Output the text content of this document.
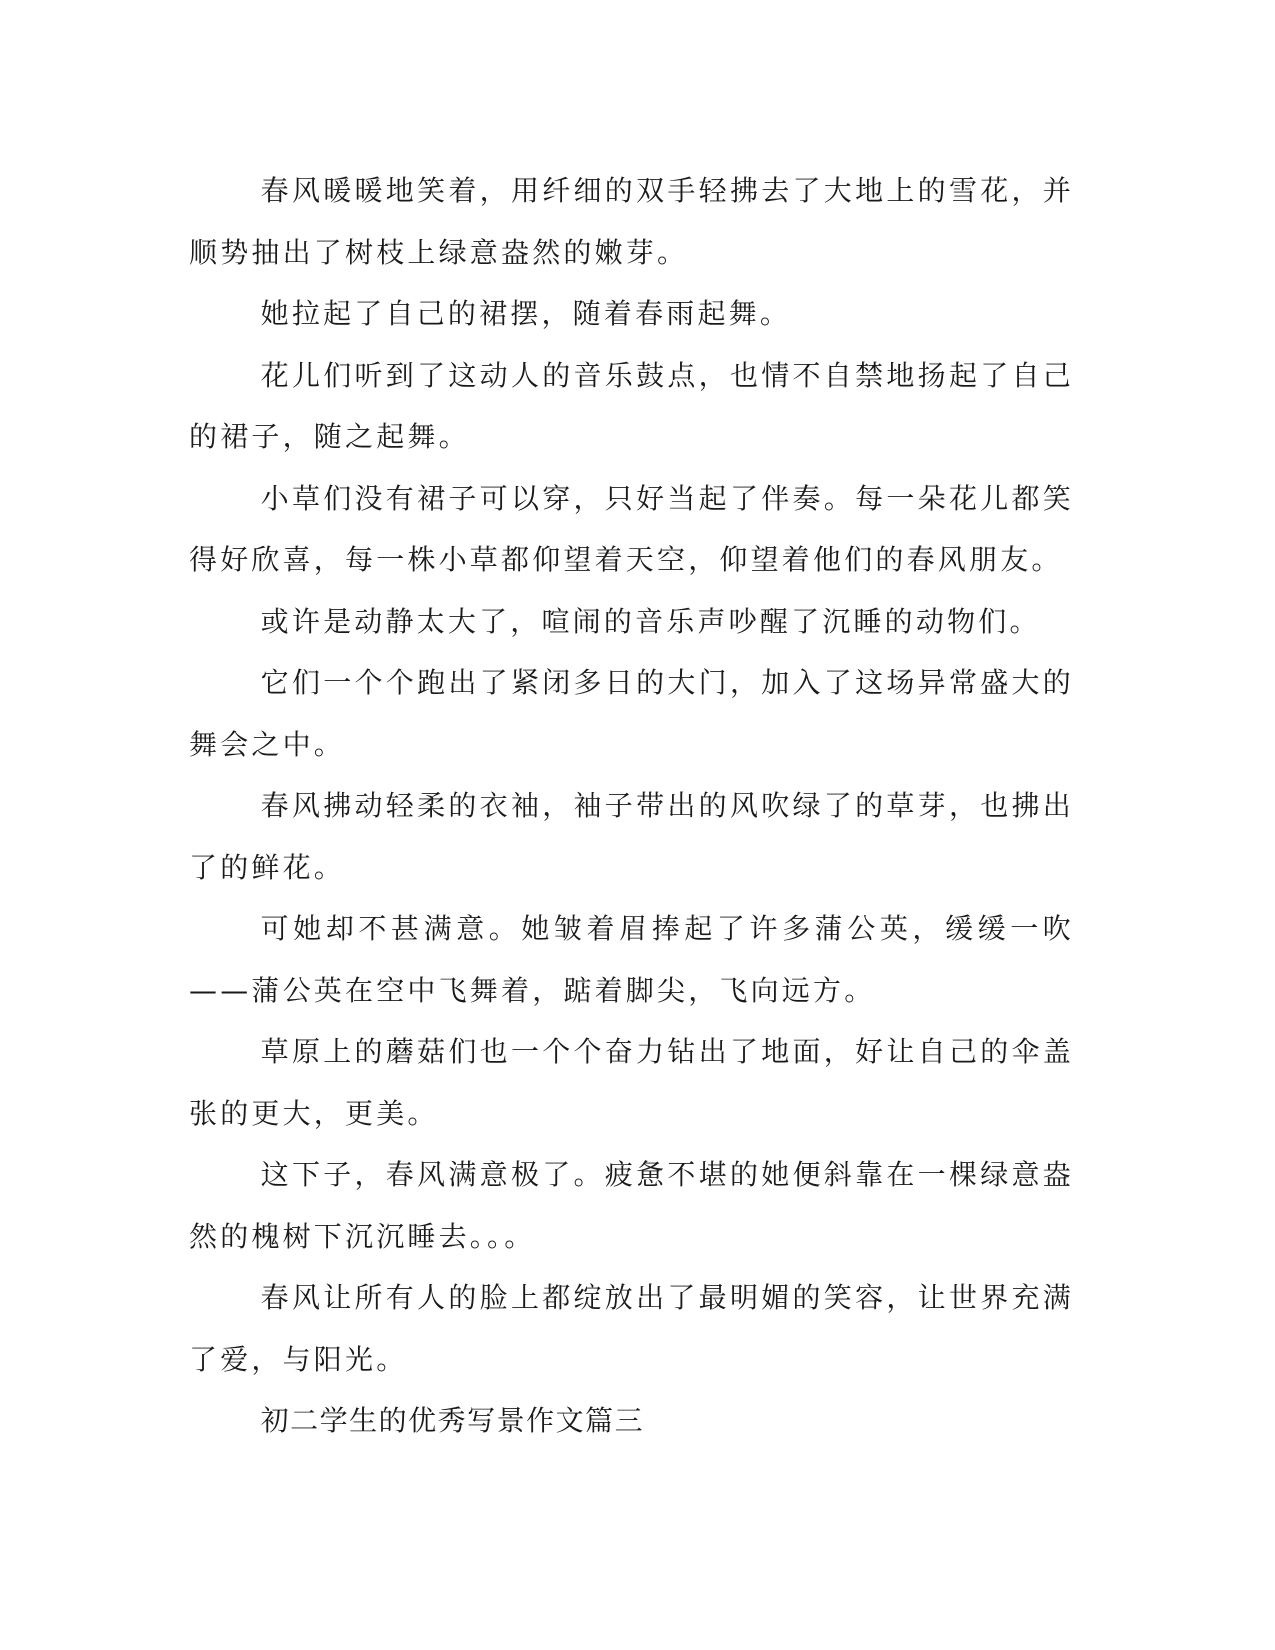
春风暖暖地笑着，用纤细的双手轻拂去了大地上的雪花，并顺势抽出了树枝上绿意盎然的嫩芽。

她拉起了自己的裙摆，随着春雨起舞。

花儿们听到了这动人的音乐鼓点，也情不自禁地扬起了自己的裙子，随之起舞。

小草们没有裙子可以穿，只好当起了伴奏。每一朵花儿都笑得好欣喜，每一株小草都仰望着天空，仰望着他们的春风朋友。

或许是动静太大了，喧闹的音乐声吵醒了沉睡的动物们。

它们一个个跑出了紧闭多日的大门，加入了这场异常盛大的舞会之中。

春风拂动轻柔的衣袖，袖子带出的风吹绿了的草芽，也拂出了的鲜花。

可她却不甚满意。她皱着眉捧起了许多蒲公英，缓缓一吹——蒲公英在空中飞舞着，踮着脚尖，飞向远方。

草原上的蘑菇们也一个个奋力钻出了地面，好让自己的伞盖张的更大，更美。

这下子，春风满意极了。疲惫不堪的她便斜靠在一棵绿意盎然的槐树下沉沉睡去。。。

春风让所有人的脸上都绽放出了最明媚的笑容，让世界充满了爱，与阳光。

初二学生的优秀写景作文篇三
